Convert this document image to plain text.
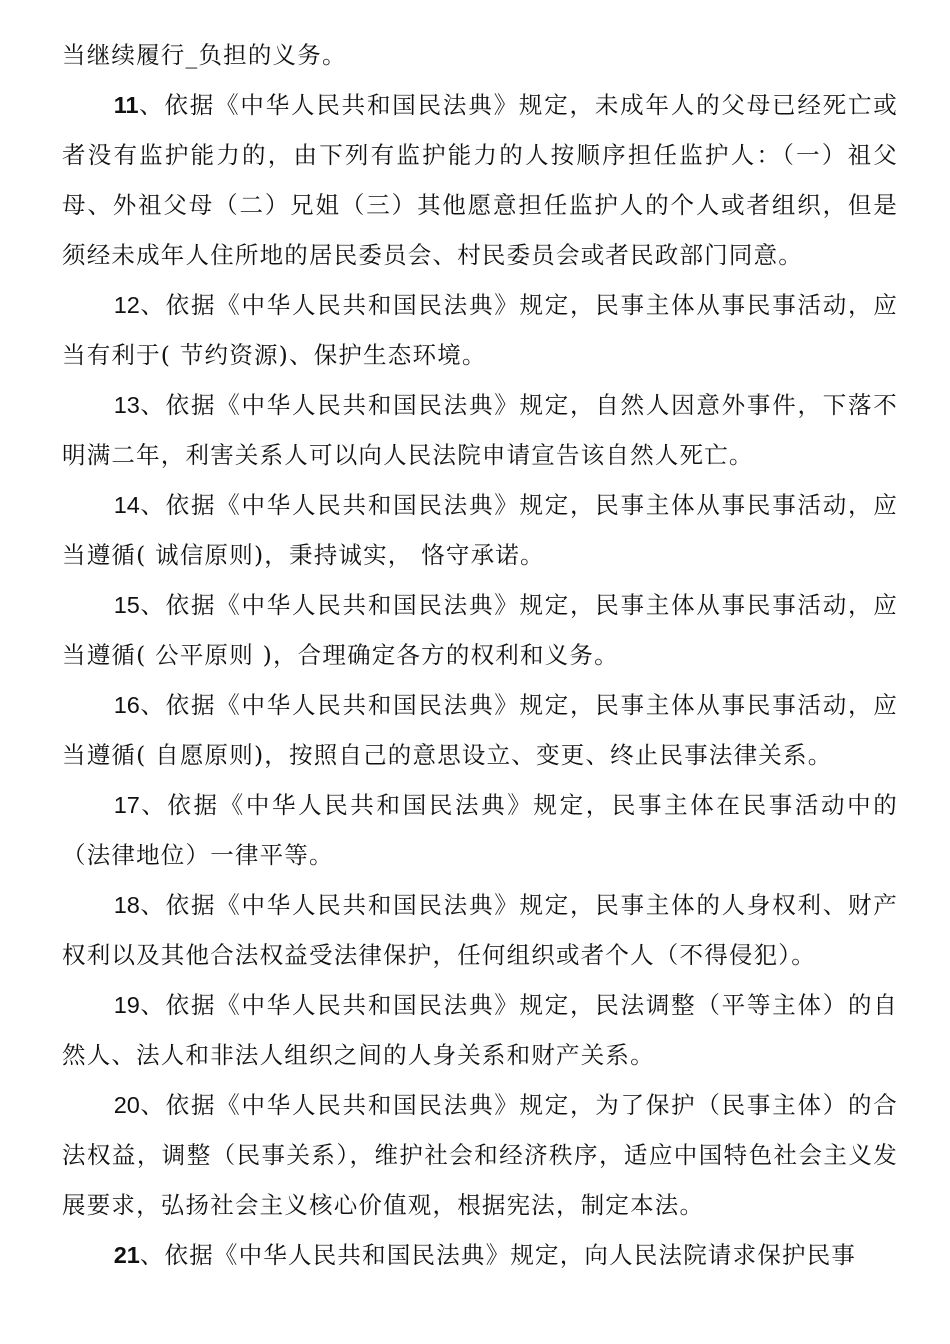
当继续履行_负担的义务。

11、依据《中华人民共和国民法典》规定，未成年人的父母已经死亡或者没有监护能力的，由下列有监护能力的人按顺序担任监护人：（一）祖父母、外祖父母（二）兄姐（三）其他愿意担任监护人的个人或者组织，但是须经未成年人住所地的居民委员会、村民委员会或者民政部门同意。

12、依据《中华人民共和国民法典》规定，民事主体从事民事活动，应当有利于( 节约资源)、保护生态环境。

13、依据《中华人民共和国民法典》规定，自然人因意外事件，下落不明满二年，利害关系人可以向人民法院申请宣告该自然人死亡。

14、依据《中华人民共和国民法典》规定，民事主体从事民事活动，应当遵循( 诚信原则)，秉持诚实， 恪守承诺。

15、依据《中华人民共和国民法典》规定，民事主体从事民事活动，应当遵循( 公平原则 )，合理确定各方的权利和义务。

16、依据《中华人民共和国民法典》规定，民事主体从事民事活动，应当遵循( 自愿原则)，按照自己的意思设立、变更、终止民事法律关系。

17、依据《中华人民共和国民法典》规定，民事主体在民事活动中的（法律地位）一律平等。

18、依据《中华人民共和国民法典》规定，民事主体的人身权利、财产权利以及其他合法权益受法律保护，任何组织或者个人（不得侵犯）。

19、依据《中华人民共和国民法典》规定，民法调整（平等主体）的自然人、法人和非法人组织之间的人身关系和财产关系。

20、依据《中华人民共和国民法典》规定，为了保护（民事主体）的合法权益，调整（民事关系），维护社会和经济秩序，适应中国特色社会主义发展要求，弘扬社会主义核心价值观，根据宪法，制定本法。

21、依据《中华人民共和国民法典》规定，向人民法院请求保护民事
